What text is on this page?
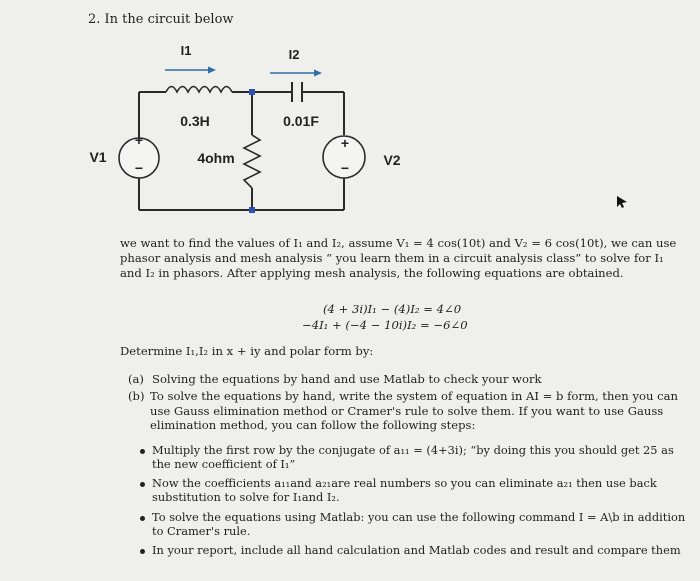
2. In the circuit below
+
−
+
−
I1	I2
0.3H	0.01F
4ohm
V1	V2
we want to find the values of I₁ and I₂, assume V₁ = 4 cos(10t) and V₂ = 6 cos(10t), we can use phasor analysis and mesh analysis “ you learn them in a circuit analysis class” to solve for I₁ and I₂ in phasors. After applying mesh analysis, the following equations are obtained.
(4 + 3i)I₁ − (4)I₂ = 4∠0
−4I₁ + (−4 − 10i)I₂ = −6∠0
Determine I₁,I₂ in x + iy and polar form by:
(a) Solving the equations by hand and use Matlab to check your work
(b) To solve the equations by hand, write the system of equation in AI = b form, then you can use Gauss elimination method or Cramer's rule to solve them. If you want to use Gauss elimination method, you can follow the following steps:
Multiply the first row by the conjugate of a₁₁ = (4+3i); “by doing this you should get 25 as the new coefficient of I₁”
Now the coefficients a₁₁and a₂₁are real numbers so you can eliminate a₂₁ then use back substitution to solve for I₁and I₂.
To solve the equations using Matlab: you can use the following command I = A\b in addition to Cramer's rule.
In your report, include all hand calculation and Matlab codes and result and compare them
